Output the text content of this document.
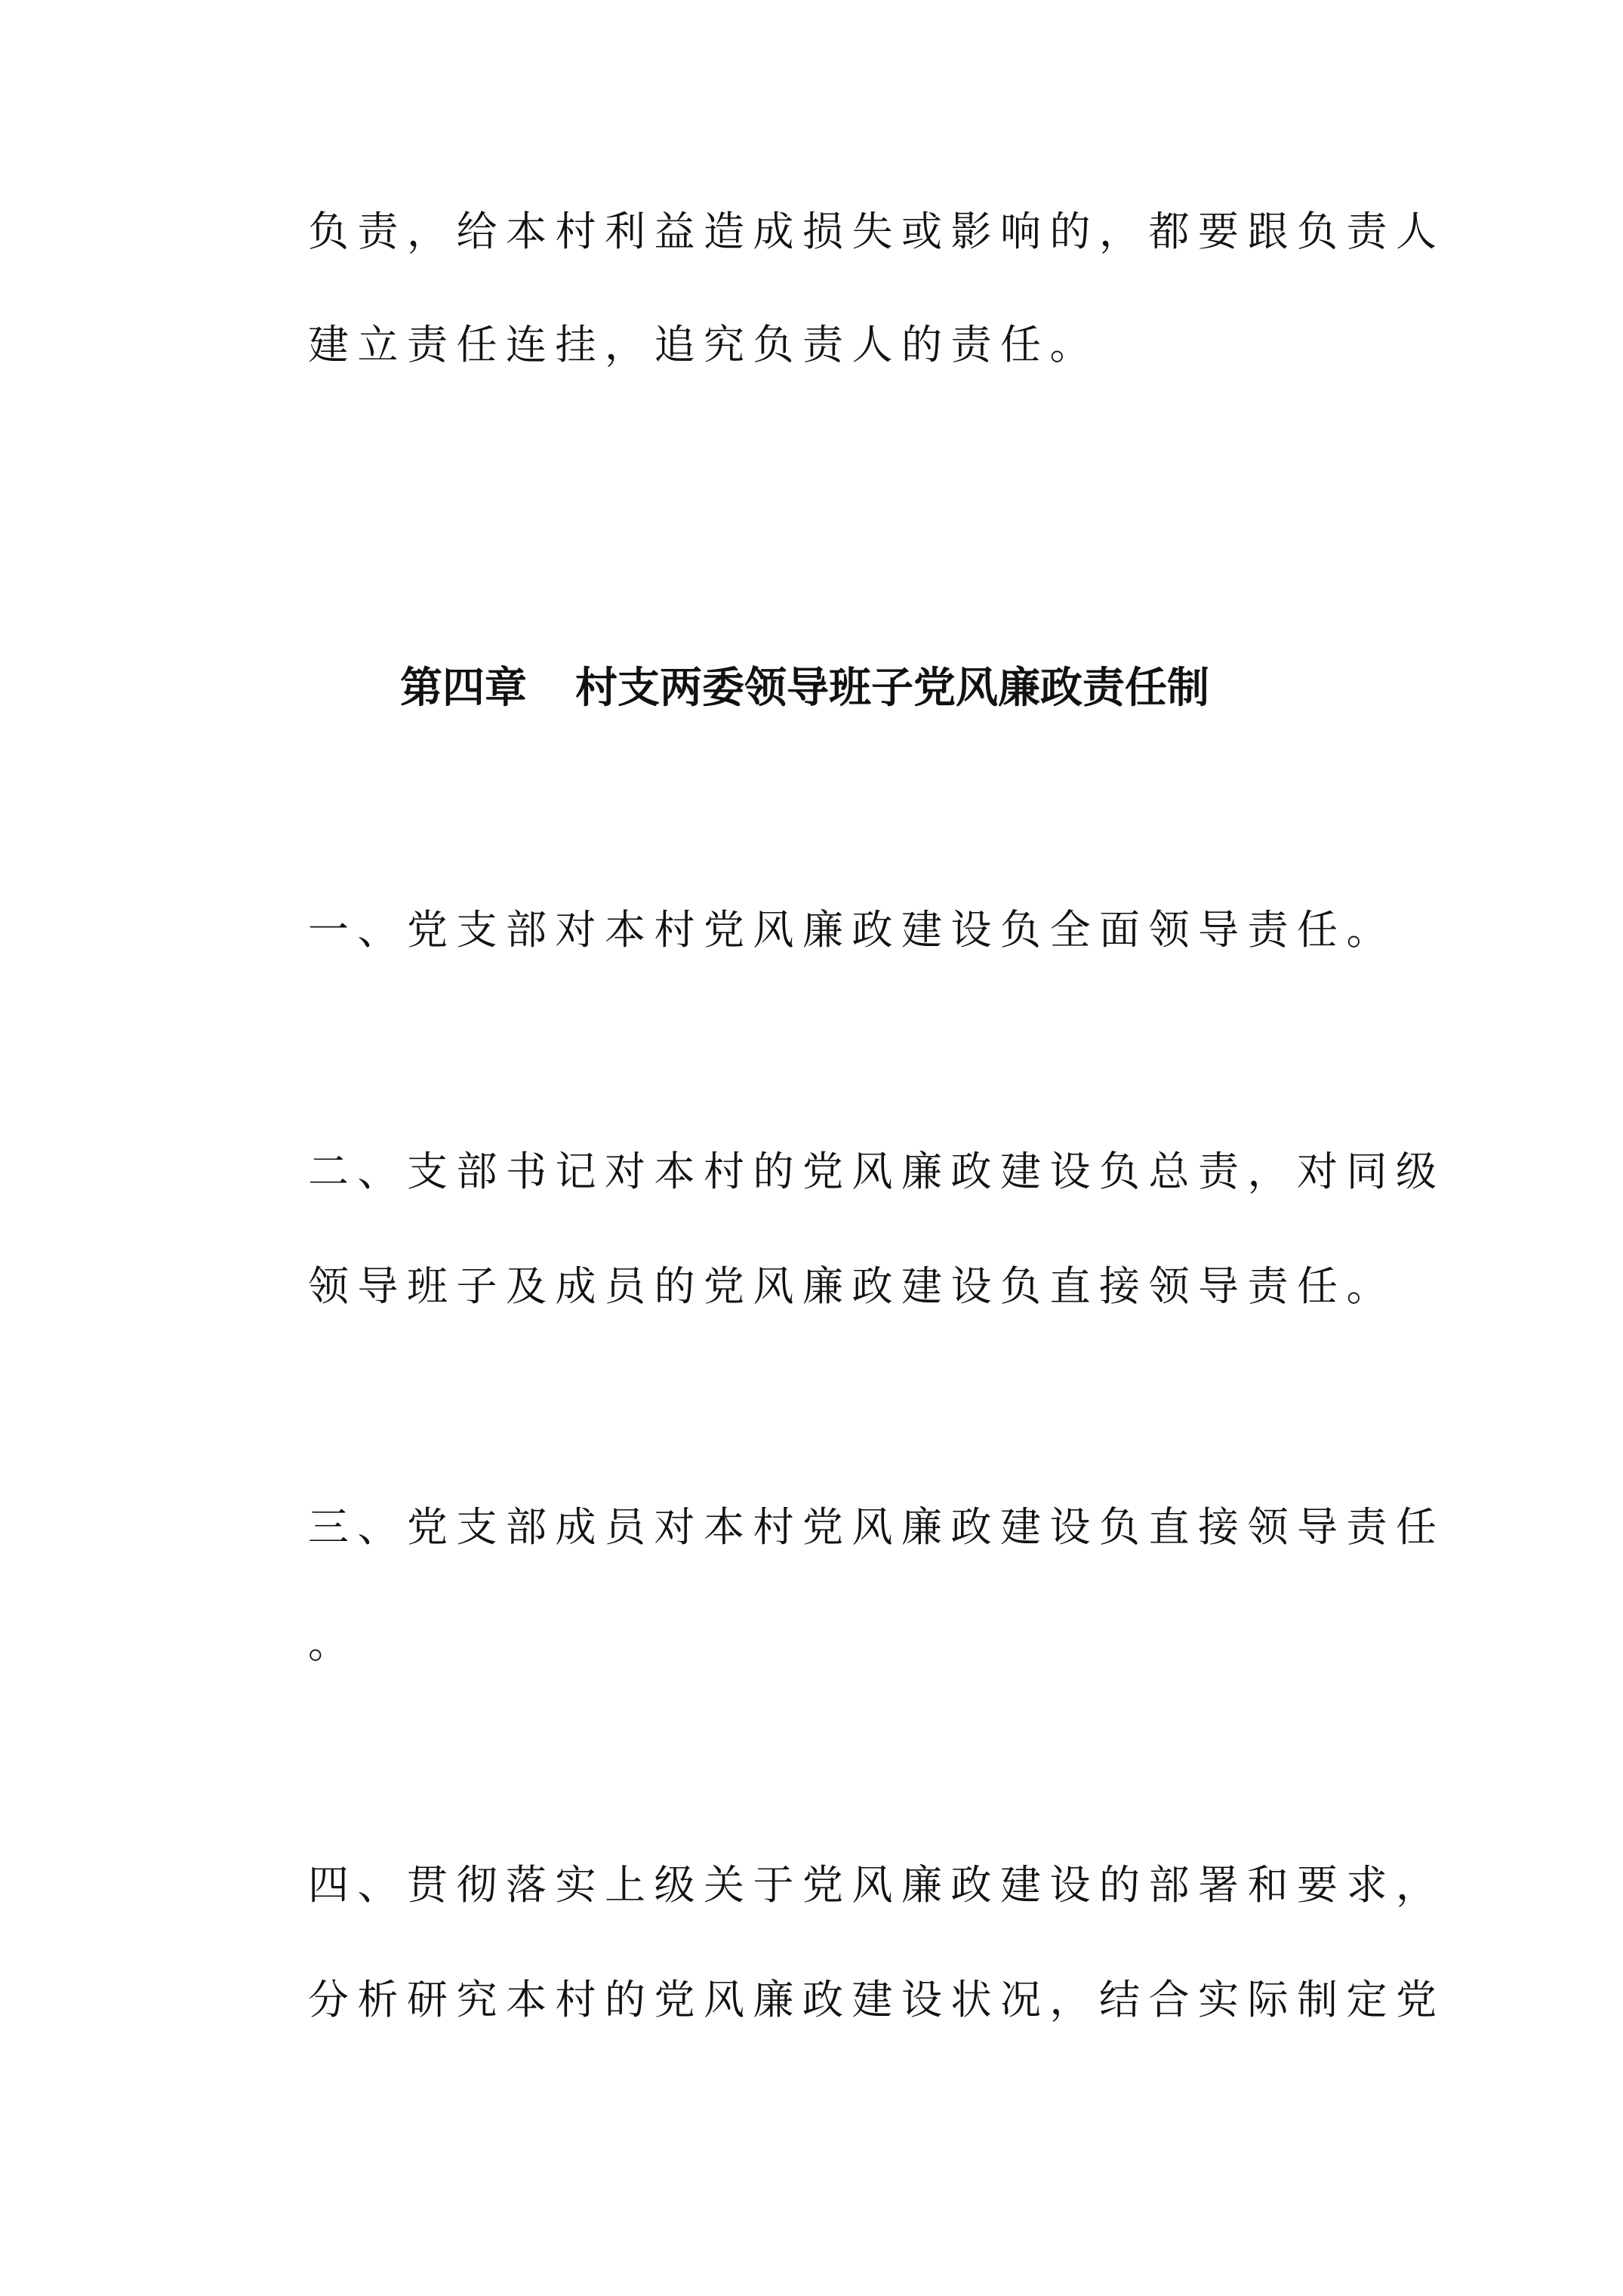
负责，给本村利益造成损失或影响的，都要跟负责人
建立责任连挂，追究负责人的责任。
第四章 村支两委领导班子党风廉政责任制
一、党支部对本村党风廉政建设负全面领导责任。
二、支部书记对本村的党风廉政建设负总责，对同级
领导班子及成员的党风廉政建设负直接领导责任。
三、党支部成员对本村党风廉政建设负直接领导责任
。
四、贯彻落实上级关于党风廉政建设的部署和要求，
分析研究本村的党风廉政建设状况，结合实际制定党
